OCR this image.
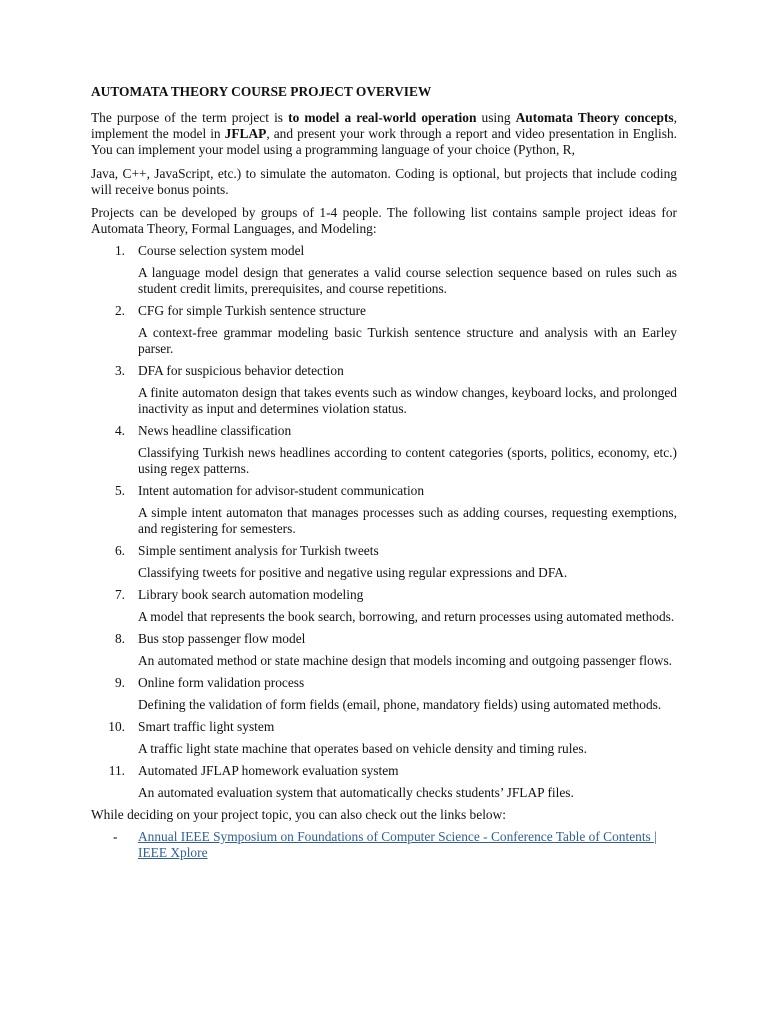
AUTOMATA THEORY COURSE PROJECT OVERVIEW

The purpose of the term project is to model a real-world operation using Automata Theory concepts, implement the model in JFLAP, and present your work through a report and video presentation in English. You can implement your model using a programming language of your choice (Python, R,

Java, C++, JavaScript, etc.) to simulate the automaton. Coding is optional, but projects that include coding will receive bonus points.

Projects can be developed by groups of 1-4 people. The following list contains sample project ideas for Automata Theory, Formal Languages, and Modeling:

1. Course selection system model

A language model design that generates a valid course selection sequence based on rules such as student credit limits, prerequisites, and course repetitions.

2. CFG for simple Turkish sentence structure

A context-free grammar modeling basic Turkish sentence structure and analysis with an Earley parser.

3. DFA for suspicious behavior detection

A finite automaton design that takes events such as window changes, keyboard locks, and prolonged inactivity as input and determines violation status.

4. News headline classification

Classifying Turkish news headlines according to content categories (sports, politics, economy, etc.) using regex patterns.

5. Intent automation for advisor-student communication

A simple intent automaton that manages processes such as adding courses, requesting exemptions, and registering for semesters.

6. Simple sentiment analysis for Turkish tweets

Classifying tweets for positive and negative using regular expressions and DFA.

7. Library book search automation modeling

A model that represents the book search, borrowing, and return processes using automated methods.

8. Bus stop passenger flow model

An automated method or state machine design that models incoming and outgoing passenger flows.

9. Online form validation process

Defining the validation of form fields (email, phone, mandatory fields) using automated methods.

10. Smart traffic light system

A traffic light state machine that operates based on vehicle density and timing rules.

11. Automated JFLAP homework evaluation system

An automated evaluation system that automatically checks students’ JFLAP files.

While deciding on your project topic, you can also check out the links below:

- Annual IEEE Symposium on Foundations of Computer Science - Conference Table of Contents | IEEE Xplore
